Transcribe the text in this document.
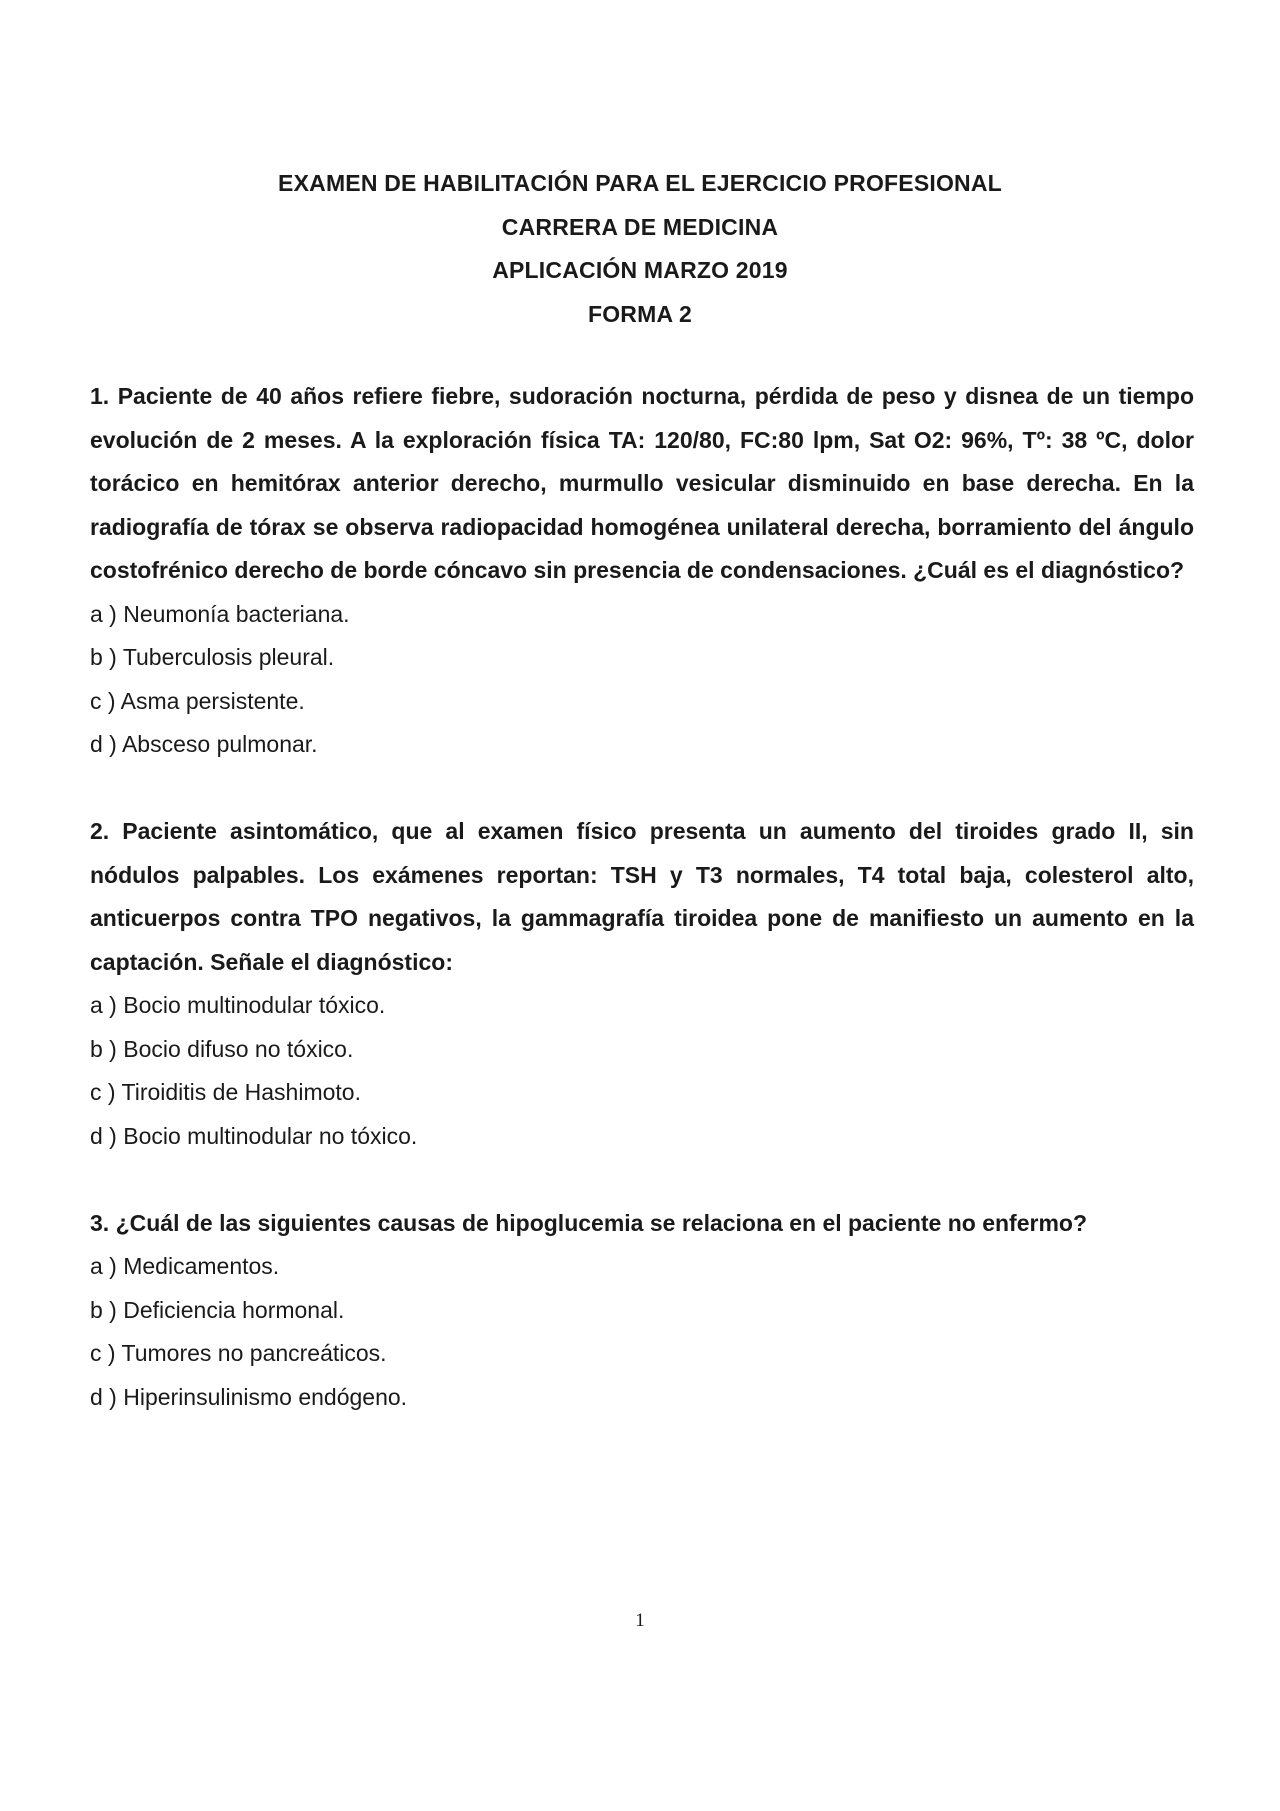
EXAMEN DE HABILITACIÓN PARA EL EJERCICIO PROFESIONAL
CARRERA DE MEDICINA
APLICACIÓN MARZO 2019
FORMA 2

1. Paciente de 40 años refiere fiebre, sudoración nocturna, pérdida de peso y disnea de un tiempo evolución de 2 meses. A la exploración física TA: 120/80, FC:80 lpm, Sat O2: 96%, Tº: 38 ºC, dolor torácico en hemitórax anterior derecho, murmullo vesicular disminuido en base derecha. En la radiografía de tórax se observa radiopacidad homogénea unilateral derecha, borramiento del ángulo costofrénico derecho de borde cóncavo sin presencia de condensaciones. ¿Cuál es el diagnóstico?

a ) Neumonía bacteriana.
b ) Tuberculosis pleural.
c ) Asma persistente.
d ) Absceso pulmonar.

2. Paciente asintomático, que al examen físico presenta un aumento del tiroides grado II, sin nódulos palpables. Los exámenes reportan: TSH y T3 normales, T4 total baja, colesterol alto, anticuerpos contra TPO negativos, la gammagrafía tiroidea pone de manifiesto un aumento en la captación. Señale el diagnóstico:

a ) Bocio multinodular tóxico.
b ) Bocio difuso no tóxico.
c ) Tiroiditis de Hashimoto.
d ) Bocio multinodular no tóxico.

3. ¿Cuál de las siguientes causas de hipoglucemia se relaciona en el paciente no enfermo?

a ) Medicamentos.
b ) Deficiencia hormonal.
c ) Tumores no pancreáticos.
d ) Hiperinsulinismo endógeno.
1
